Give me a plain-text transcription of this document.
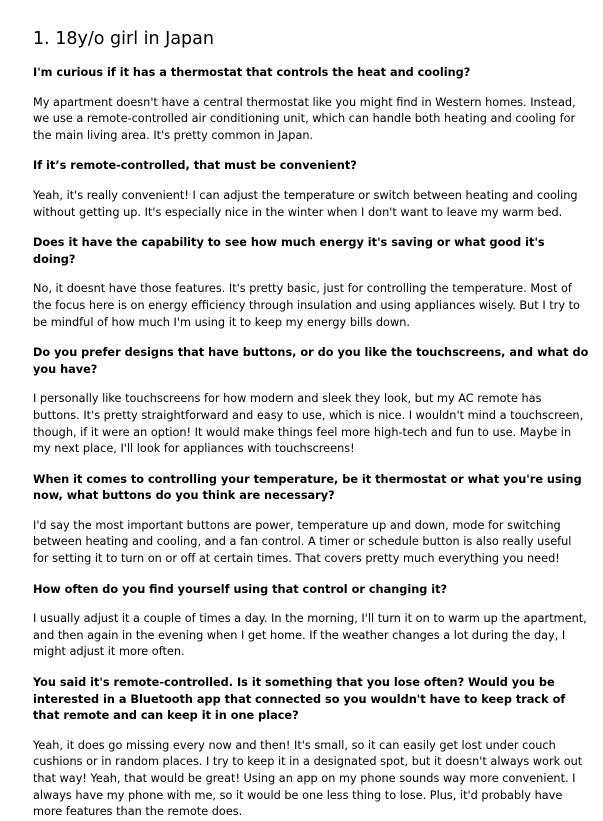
1. 18y/o girl in Japan

I'm curious if it has a thermostat that controls the heat and cooling?

My apartment doesn't have a central thermostat like you might find in Western homes. Instead, we use a remote-controlled air conditioning unit, which can handle both heating and cooling for the main living area. It's pretty common in Japan.

If it’s remote-controlled, that must be convenient?

Yeah, it's really convenient! I can adjust the temperature or switch between heating and cooling without getting up. It's especially nice in the winter when I don't want to leave my warm bed.

Does it have the capability to see how much energy it's saving or what good it's doing?

No, it doesnt have those features. It's pretty basic, just for controlling the temperature. Most of the focus here is on energy efficiency through insulation and using appliances wisely. But I try to be mindful of how much I'm using it to keep my energy bills down.

Do you prefer designs that have buttons, or do you like the touchscreens, and what do you have?

I personally like touchscreens for how modern and sleek they look, but my AC remote has buttons. It's pretty straightforward and easy to use, which is nice. I wouldn't mind a touchscreen, though, if it were an option! It would make things feel more high-tech and fun to use. Maybe in my next place, I'll look for appliances with touchscreens!

When it comes to controlling your temperature, be it thermostat or what you're using now, what buttons do you think are necessary?

I'd say the most important buttons are power, temperature up and down, mode for switching between heating and cooling, and a fan control. A timer or schedule button is also really useful for setting it to turn on or off at certain times. That covers pretty much everything you need!

How often do you find yourself using that control or changing it?

I usually adjust it a couple of times a day. In the morning, I'll turn it on to warm up the apartment, and then again in the evening when I get home. If the weather changes a lot during the day, I might adjust it more often.

You said it's remote-controlled. Is it something that you lose often? Would you be interested in a Bluetooth app that connected so you wouldn't have to keep track of that remote and can keep it in one place?

Yeah, it does go missing every now and then! It's small, so it can easily get lost under couch cushions or in random places. I try to keep it in a designated spot, but it doesn't always work out that way! Yeah, that would be great! Using an app on my phone sounds way more convenient. I always have my phone with me, so it would be one less thing to lose. Plus, it'd probably have more features than the remote does.
